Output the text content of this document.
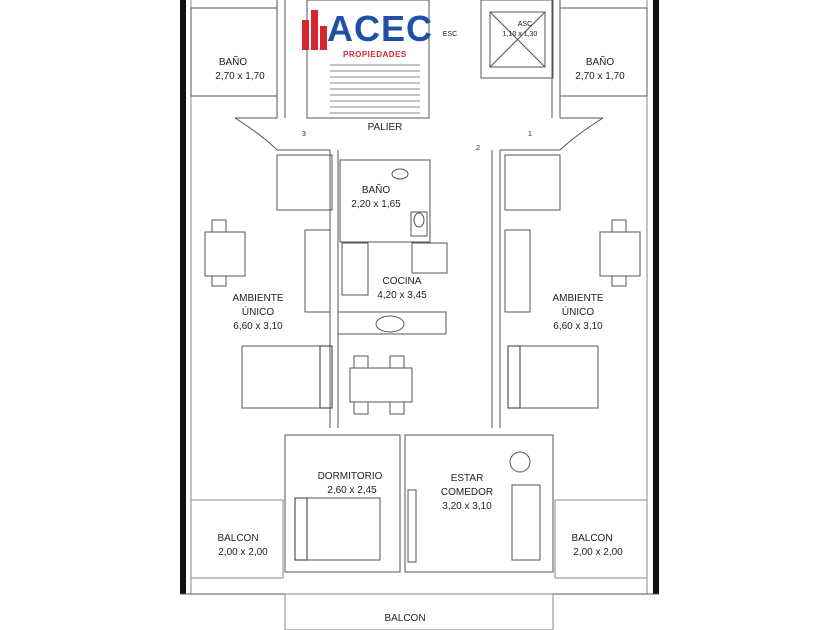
ACEC
PROPIEDADES
ESC
ASC
1,10 x 1,30
BAÑO
2,70 x 1,70
BAÑO
2,70 x 1,70
PALIER
3
2
1
BAÑO
2,20 x 1,65
COCINA
4,20 x 3,45
AMBIENTE
ÚNICO
6,60 x 3,10
AMBIENTE
ÚNICO
6,60 x 3,10
DORMITORIO
2,60 x 2,45
ESTAR
COMEDOR
3,20 x 3,10
BALCON
2,00 x 2,00
BALCON
2,00 x 2,00
BALCON
